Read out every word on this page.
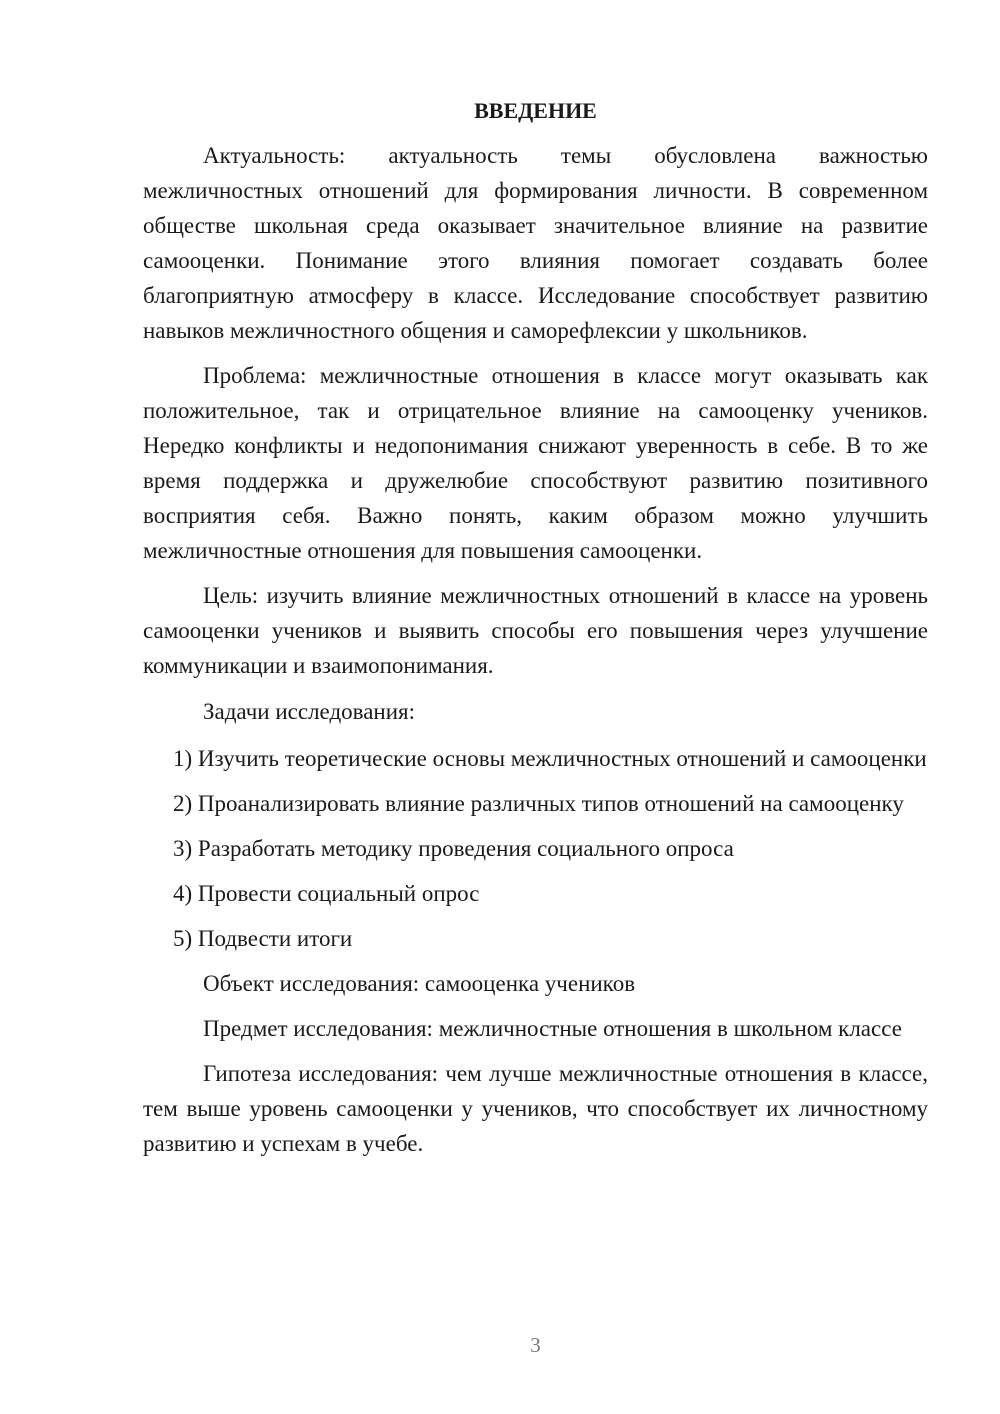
ВВЕДЕНИЕ

Актуальность: актуальность темы обусловлена важностью межличностных отношений для формирования личности. В современном обществе школьная среда оказывает значительное влияние на развитие самооценки. Понимание этого влияния помогает создавать более благоприятную атмосферу в классе. Исследование способствует развитию навыков межличностного общения и саморефлексии у школьников.

Проблема: межличностные отношения в классе могут оказывать как положительное, так и отрицательное влияние на самооценку учеников. Нередко конфликты и недопонимания снижают уверенность в себе. В то же время поддержка и дружелюбие способствуют развитию позитивного восприятия себя. Важно понять, каким образом можно улучшить межличностные отношения для повышения самооценки.

Цель: изучить влияние межличностных отношений в классе на уровень самооценки учеников и выявить способы его повышения через улучшение коммуникации и взаимопонимания.

Задачи исследования:

1) Изучить теоретические основы межличностных отношений и самооценки

2) Проанализировать влияние различных типов отношений на самооценку

3) Разработать методику проведения социального опроса

4) Провести социальный опрос

5) Подвести итоги

Объект исследования: самооценка учеников

Предмет исследования: межличностные отношения в школьном классе

Гипотеза исследования: чем лучше межличностные отношения в классе, тем выше уровень самооценки у учеников, что способствует их личностному развитию и успехам в учебе.

3
